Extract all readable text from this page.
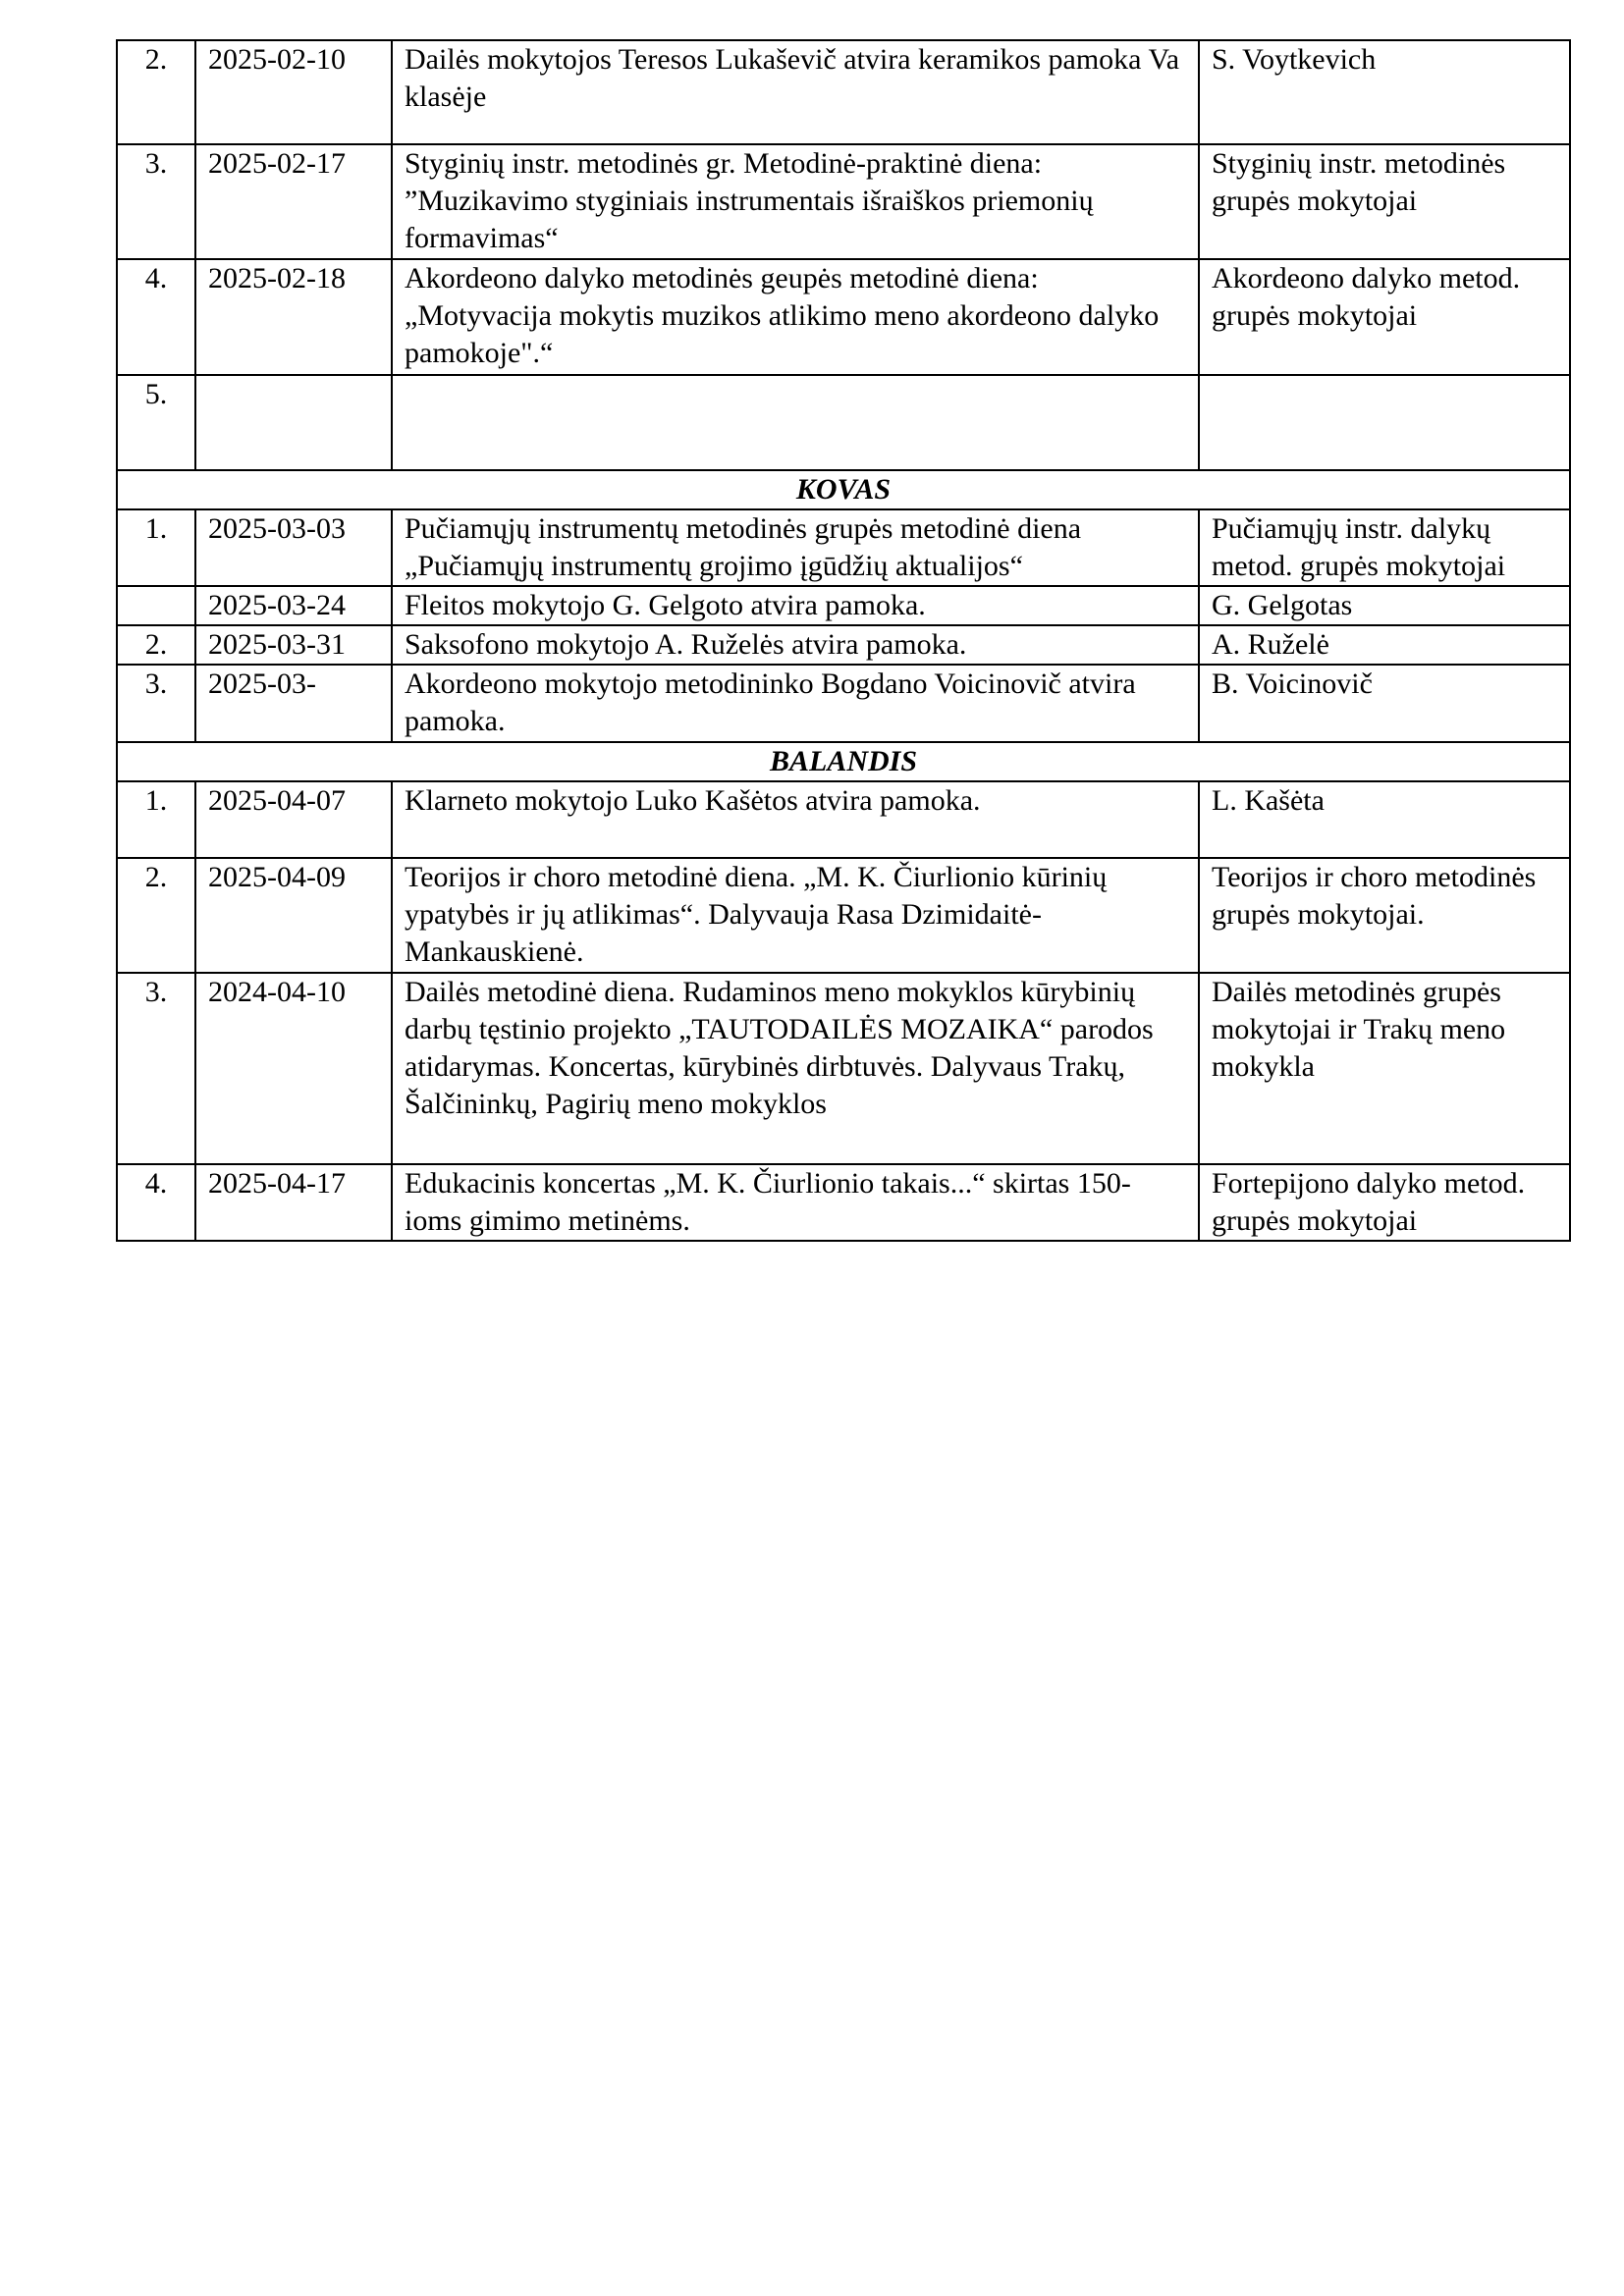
2.	2025-02-10	Dailės mokytojos Teresos Lukaševič atvira keramikos pamoka Va klasėje	S. Voytkevich
3.	2025-02-17	Styginių instr. metodinės gr. Metodinė-praktinė diena: ”Muzikavimo styginiais instrumentais išraiškos priemonių formavimas“	Styginių instr. metodinės grupės mokytojai
4.	2025-02-18	Akordeono dalyko metodinės geupės metodinė diena: „Motyvacija mokytis muzikos atlikimo meno akordeono dalyko pamokoje".“	Akordeono dalyko metod. grupės mokytojai
5.			
KOVAS			
1.	2025-03-03	Pučiamųjų instrumentų metodinės grupės metodinė diena „Pučiamųjų instrumentų grojimo įgūdžių aktualijos“	Pučiamųjų instr. dalykų metod. grupės mokytojai
	2025-03-24	Fleitos mokytojo G. Gelgoto atvira pamoka.	G. Gelgotas
2.	2025-03-31	Saksofono mokytojo A. Ruželės atvira pamoka.	A. Ruželė
3.	2025-03-	Akordeono mokytojo metodininko Bogdano Voicinovič atvira pamoka.	B. Voicinovič
BALANDIS			
1.	2025-04-07	Klarneto mokytojo Luko Kašėtos atvira pamoka.	L. Kašėta
2.	2025-04-09	Teorijos ir choro metodinė diena. „M. K. Čiurlionio kūrinių ypatybės ir jų atlikimas“. Dalyvauja Rasa Dzimidaitė-Mankauskienė.	Teorijos ir choro metodinės grupės mokytojai.
3.	2024-04-10	Dailės metodinė diena. Rudaminos meno mokyklos kūrybinių darbų tęstinio projekto „TAUTODAILĖS MOZAIKA“ parodos atidarymas. Koncertas, kūrybinės dirbtuvės. Dalyvaus Trakų, Šalčininkų, Pagirių meno mokyklos	Dailės metodinės grupės mokytojai ir Trakų meno mokykla
4.	2025-04-17	Edukacinis koncertas „M. K. Čiurlionio takais...“ skirtas 150-ioms gimimo metinėms.	Fortepijono dalyko metod. grupės mokytojai
